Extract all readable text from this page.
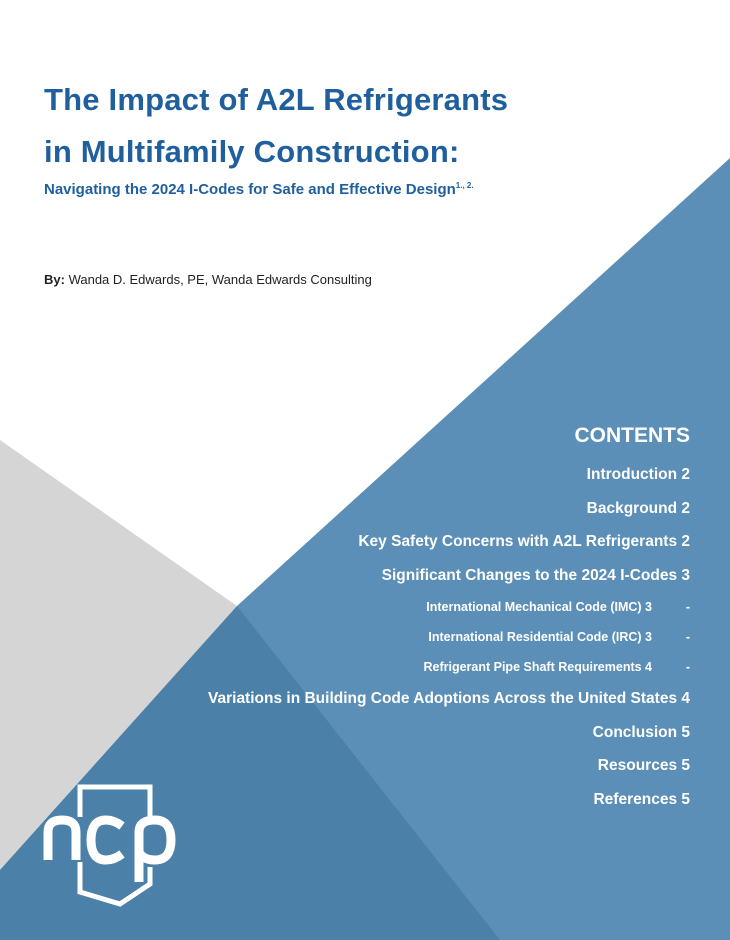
The Impact of A2L Refrigerants
in Multifamily Construction:

Navigating the 2024 I-Codes for Safe and Effective Design$^{1., 2.}$

By: Wanda D. Edwards, PE, Wanda Edwards Consulting
CONTENTS
Introduction 2
Background 2
Key Safety Concerns with A2L Refrigerants 2
Significant Changes to the 2024 I-Codes 3
International Mechanical Code (IMC) 3	-
International Residential Code (IRC) 3	-
Refrigerant Pipe Shaft Requirements 4	-
Variations in Building Code Adoptions Across the United States 4
Conclusion 5
Resources 5
References 5
